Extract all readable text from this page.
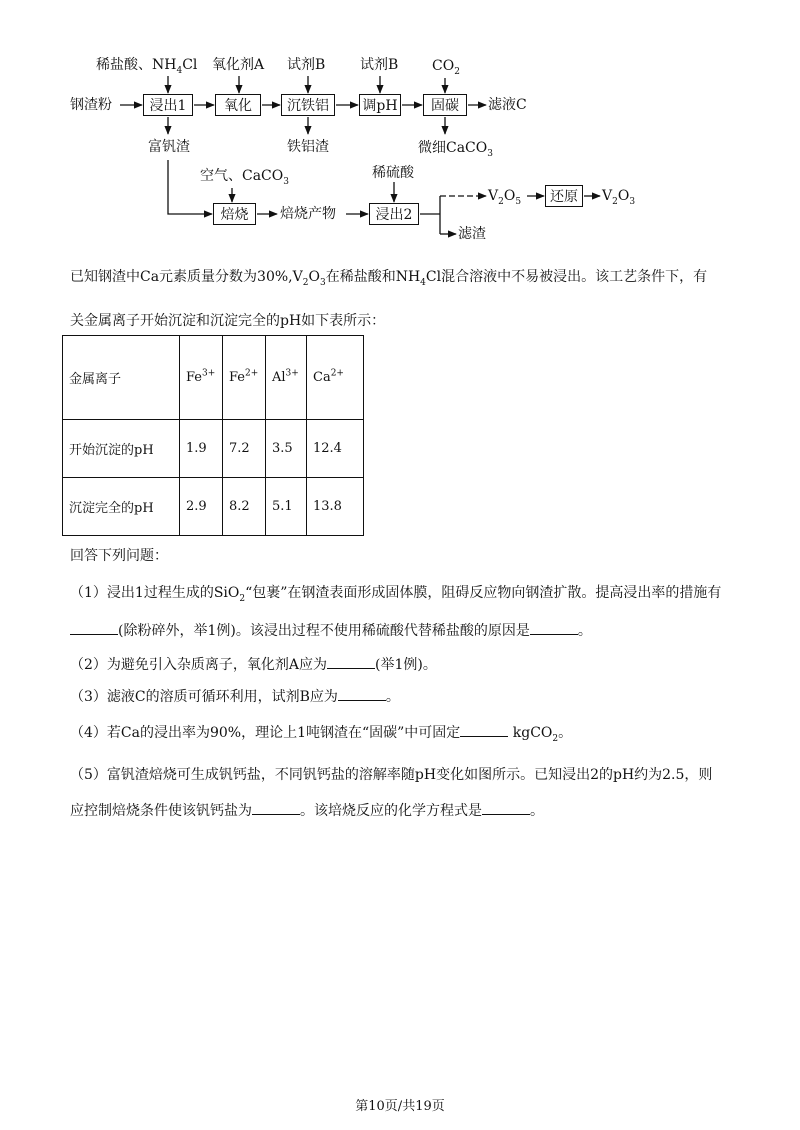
稀盐酸、$NH_4Cl$ 氧化剂A 试剂B 试剂B $CO_2$
钢渣粉	浸出1	氧化	沉铁铝	调pH	固碳	滤液C
富钒渣	铁铝渣	微细CaCO$_3$
空气、CaCO$_3$
稀硫酸
焙烧	焙烧产物	浸出2
$V_2O_5$	还原	$V_2O_3$
滤渣
已知钢渣中Ca元素质量分数为$30\%,V_2O_3$在稀盐酸和$NH_4Cl$混合溶液中不易被浸出。该工艺条件下，有
关金属离子开始沉淀和沉淀完全的pH如下表所示：
金属离子	$Fe^{3+}$	$Fe^{2+}$	$Al^{3+}$	$Ca^{2+}$
开始沉淀的pH	1.9	7.2	3.5	12.4
沉淀完全的pH	2.9	8.2	5.1	13.8
回答下列问题：
（1）浸出1过程生成的SiO$_2$“包裹”在钢渣表面形成固体膜，阻碍反应物向钢渣扩散。提高浸出率的措施有
(除粉碎外，举1例)。该浸出过程不使用稀硫酸代替稀盐酸的原因是	。
（2）为避免引入杂质离子，氧化剂A应为	(举1例)。
（3）滤液C的溶质可循环利用，试剂B应为	。
（4）若Ca的浸出率为90%，理论上1吨钢渣在“固碳”中可固定	kgCO$_2$。
（5）富钒渣焙烧可生成钒钙盐，不同钒钙盐的溶解率随pH变化如图所示。已知浸出2的pH约为2.5，则
应控制焙烧条件使该钒钙盐为	。该培烧反应的化学方程式是	。
第10页/共19页
